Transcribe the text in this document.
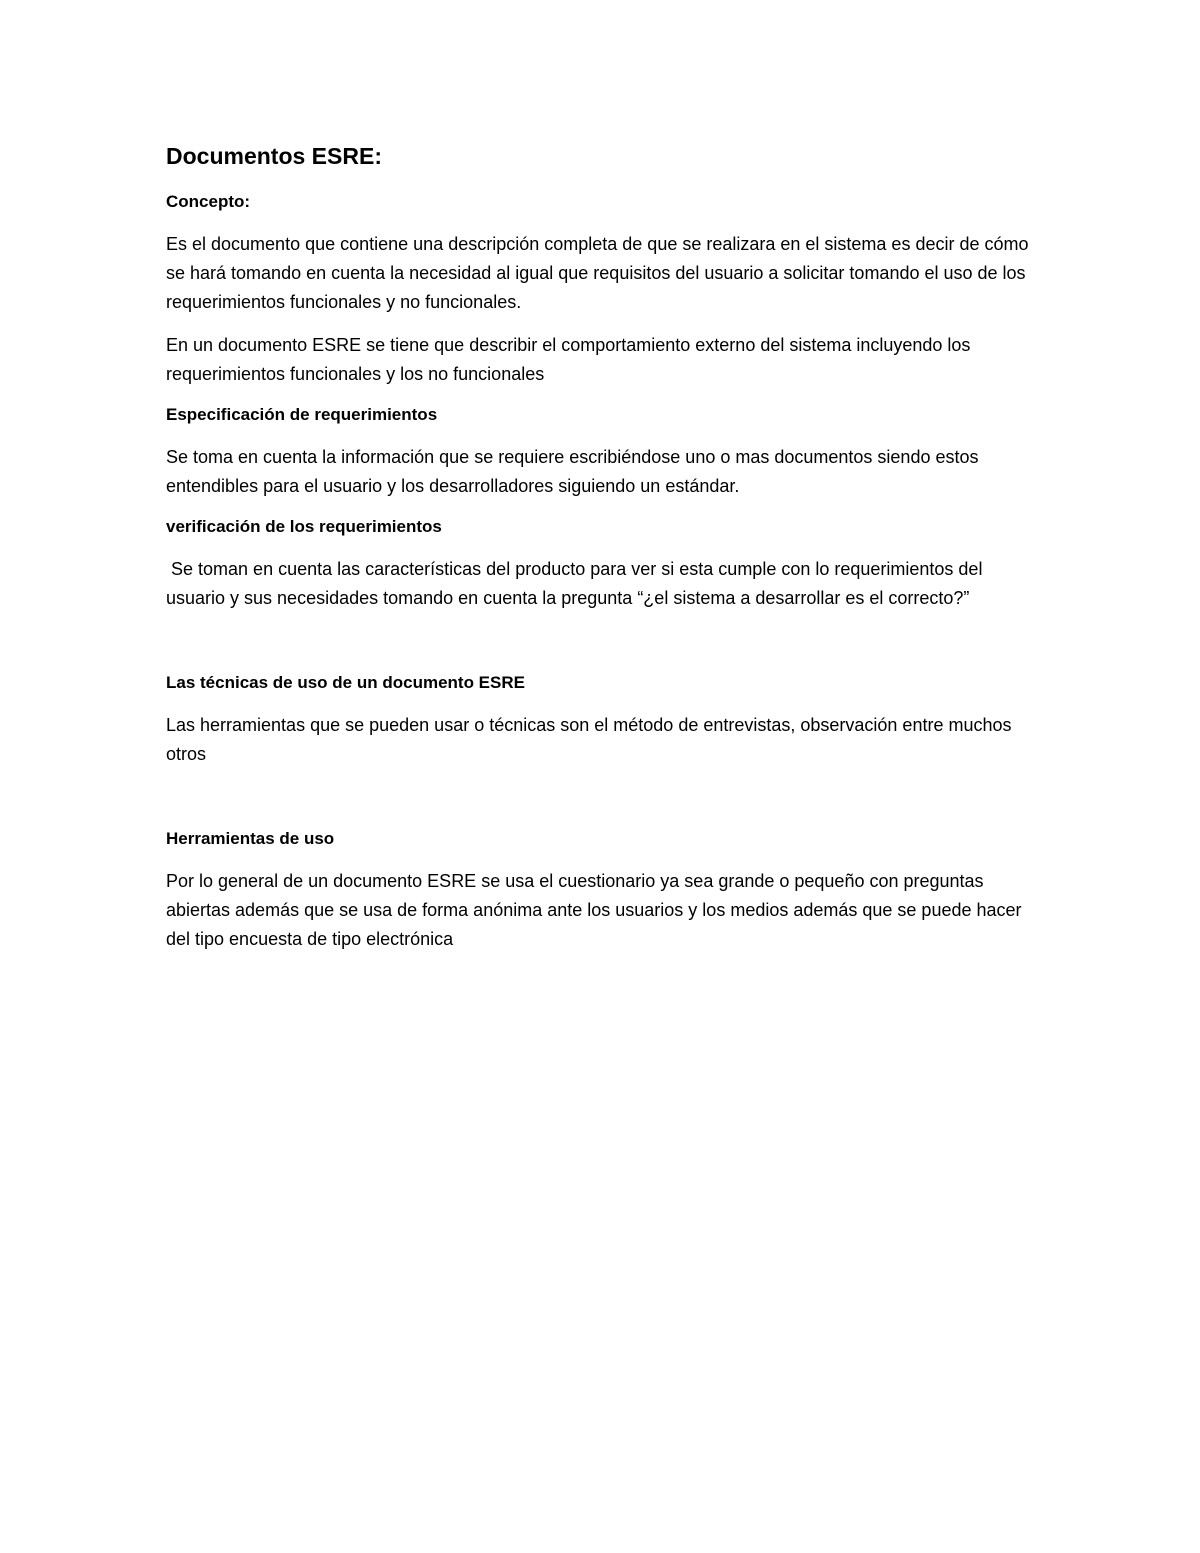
Documentos ESRE:
Concepto:

Es el documento que contiene una descripción completa de que se realizara en el sistema es decir de cómo se hará tomando en cuenta la necesidad al igual que requisitos del usuario a solicitar tomando el uso de los requerimientos funcionales y no funcionales.

En un documento ESRE se tiene que describir el comportamiento externo del sistema incluyendo los requerimientos funcionales y los no funcionales

Especificación de requerimientos

Se toma en cuenta la información que se requiere escribiéndose uno o mas documentos siendo estos entendibles para el usuario y los desarrolladores siguiendo un estándar.

verificación de los requerimientos

Se toman en cuenta las características del producto para ver si esta cumple con lo requerimientos del usuario y sus necesidades tomando en cuenta la pregunta “¿el sistema a desarrollar es el correcto?”

Las técnicas de uso de un documento ESRE

Las herramientas que se pueden usar o técnicas son el método de entrevistas, observación entre muchos otros

Herramientas de uso

Por lo general de un documento ESRE se usa el cuestionario ya sea grande o pequeño con preguntas abiertas además que se usa de forma anónima ante los usuarios y los medios además que se puede hacer del tipo encuesta de tipo electrónica
